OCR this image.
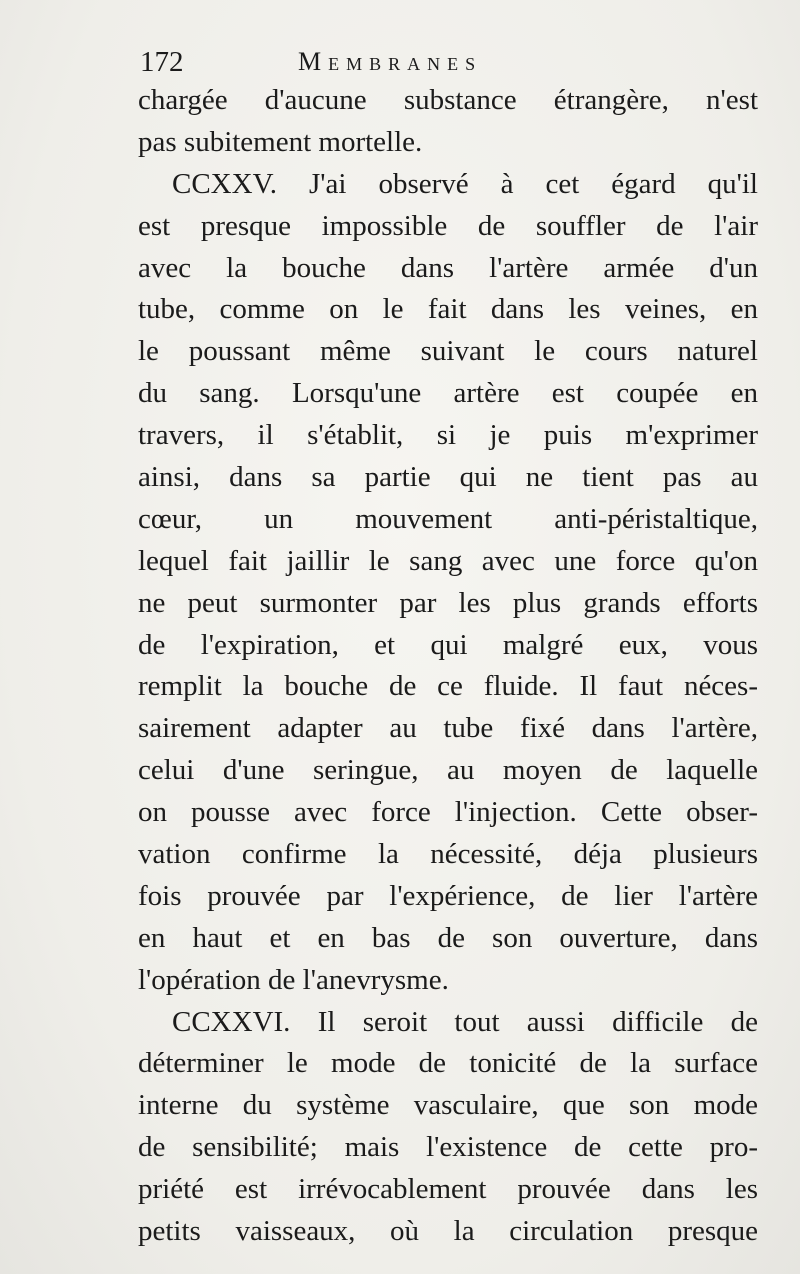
172	Membranes
chargée d'aucune substance étrangère, n'est
pas subitement mortelle.
CCXXV. J'ai observé à cet égard qu'il
est presque impossible de souffler de l'air
avec la bouche dans l'artère armée d'un
tube, comme on le fait dans les veines, en
le poussant même suivant le cours naturel
du sang. Lorsqu'une artère est coupée en
travers, il s'établit, si je puis m'exprimer
ainsi, dans sa partie qui ne tient pas au
cœur, un mouvement anti-péristaltique,
lequel fait jaillir le sang avec une force qu'on
ne peut surmonter par les plus grands efforts
de l'expiration, et qui malgré eux, vous
remplit la bouche de ce fluide. Il faut néces-
sairement adapter au tube fixé dans l'artère,
celui d'une seringue, au moyen de laquelle
on pousse avec force l'injection. Cette obser-
vation confirme la nécessité, déja plusieurs
fois prouvée par l'expérience, de lier l'artère
en haut et en bas de son ouverture, dans
l'opération de l'anevrysme.
CCXXVI. Il seroit tout aussi difficile de
déterminer le mode de tonicité de la surface
interne du système vasculaire, que son mode
de sensibilité; mais l'existence de cette pro-
priété est irrévocablement prouvée dans les
petits vaisseaux, où la circulation presque
